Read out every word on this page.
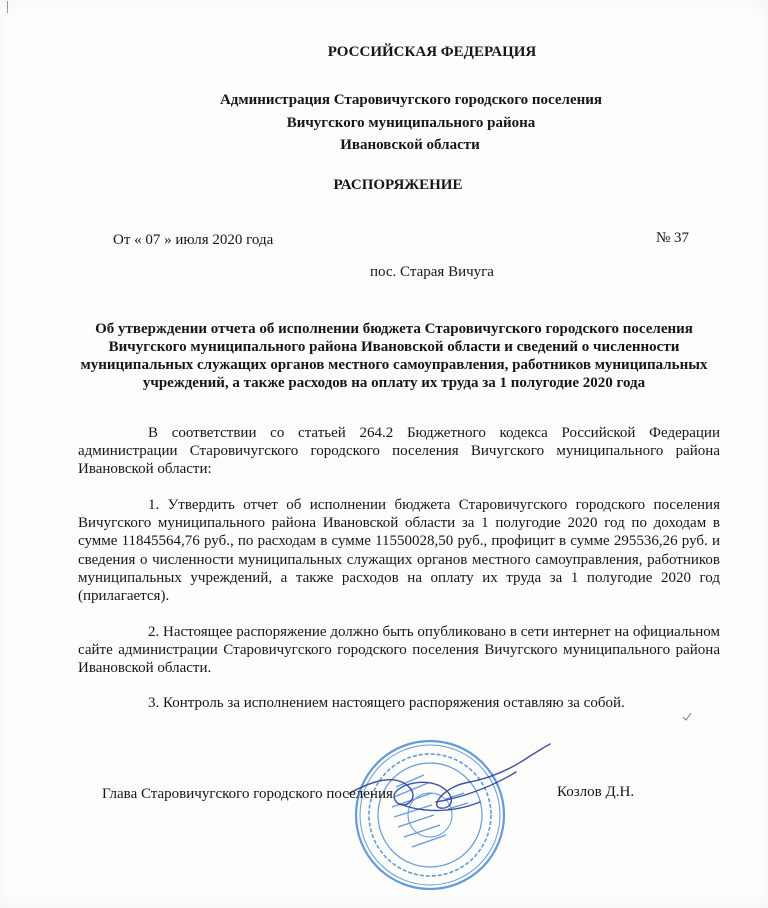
РОССИЙСКАЯ ФЕДЕРАЦИЯ
Администрация Старовичугского городского поселения
Вичугского муниципального района
Ивановской области
РАСПОРЯЖЕНИЕ
От « 07 » июля 2020 года	№ 37
пос. Старая Вичуга
Об утверждении отчета об исполнении бюджета Старовичугского городского поселения Вичугского муниципального района Ивановской области и сведений о численности муниципальных служащих органов местного самоуправления, работников муниципальных учреждений, а также расходов на оплату их труда за 1 полугодие 2020 года
В соответствии со статьей 264.2 Бюджетного кодекса Российской Федерации администрации Старовичугского городского поселения Вичугского муниципального района Ивановской области:
1. Утвердить отчет об исполнении бюджета Старовичугского городского поселения Вичугского муниципального района Ивановской области за 1 полугодие 2020 год по доходам в сумме 11845564,76 руб., по расходам в сумме 11550028,50 руб., профицит в сумме 295536,26 руб. и сведения о численности муниципальных служащих органов местного самоуправления, работников муниципальных учреждений, а также расходов на оплату их труда за 1 полугодие 2020 год (прилагается).
2. Настоящее распоряжение должно быть опубликовано в сети интернет на официальном сайте администрации Старовичугского городского поселения Вичугского муниципального района Ивановской области.
3. Контроль за исполнением настоящего распоряжения оставляю за собой.
Глава Старовичугского городского поселения	Козлов Д.Н.
